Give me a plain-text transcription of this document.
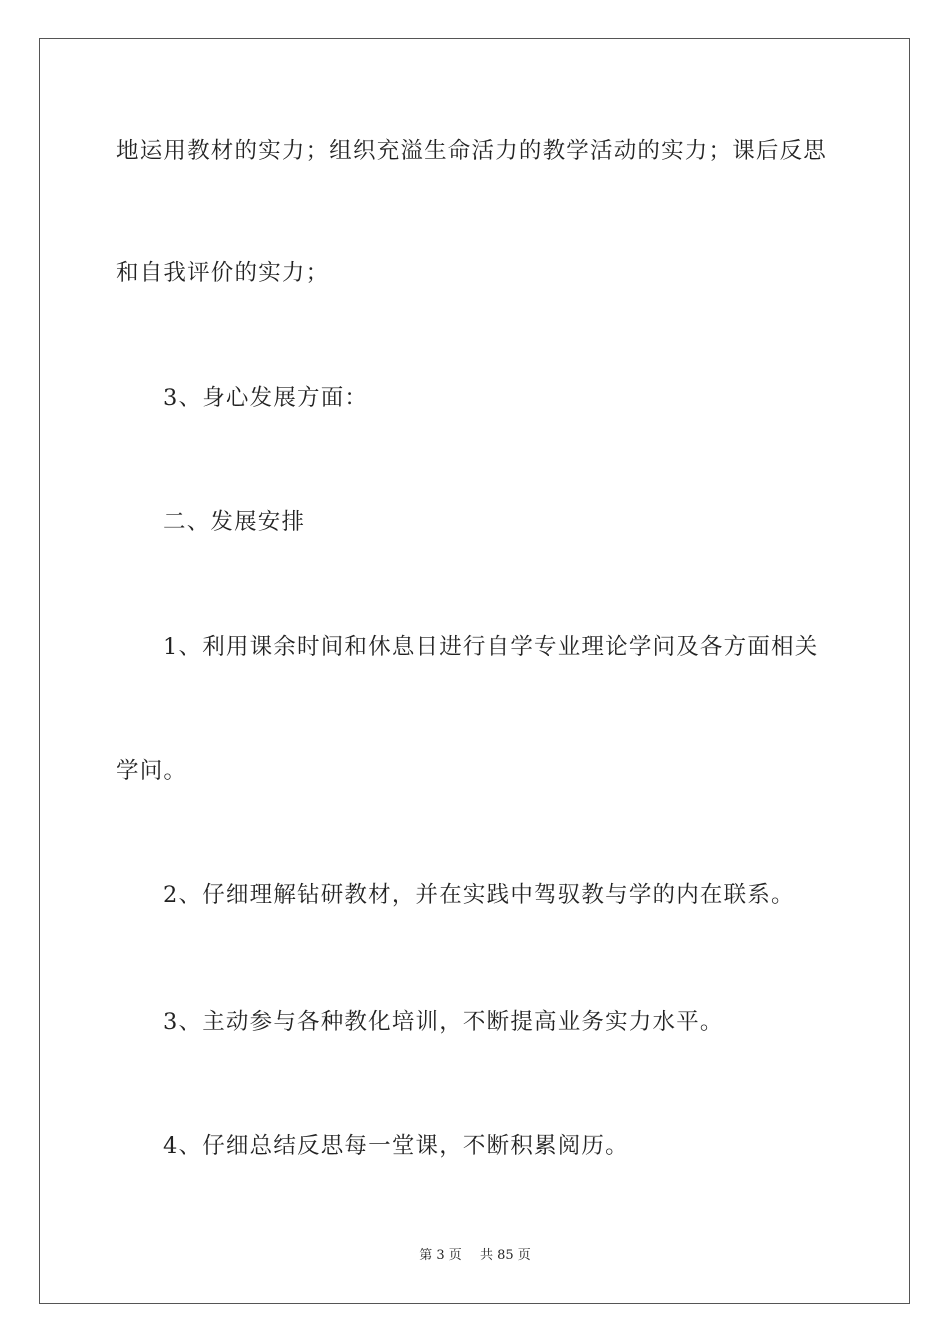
地运用教材的实力；组织充溢生命活力的教学活动的实力；课后反思
和自我评价的实力；
3、身心发展方面：
二、发展安排
1、利用课余时间和休息日进行自学专业理论学问及各方面相关
学问。
2、仔细理解钻研教材，并在实践中驾驭教与学的内在联系。
3、主动参与各种教化培训，不断提高业务实力水平。
4、仔细总结反思每一堂课，不断积累阅历。
第 3 页 共 85 页
